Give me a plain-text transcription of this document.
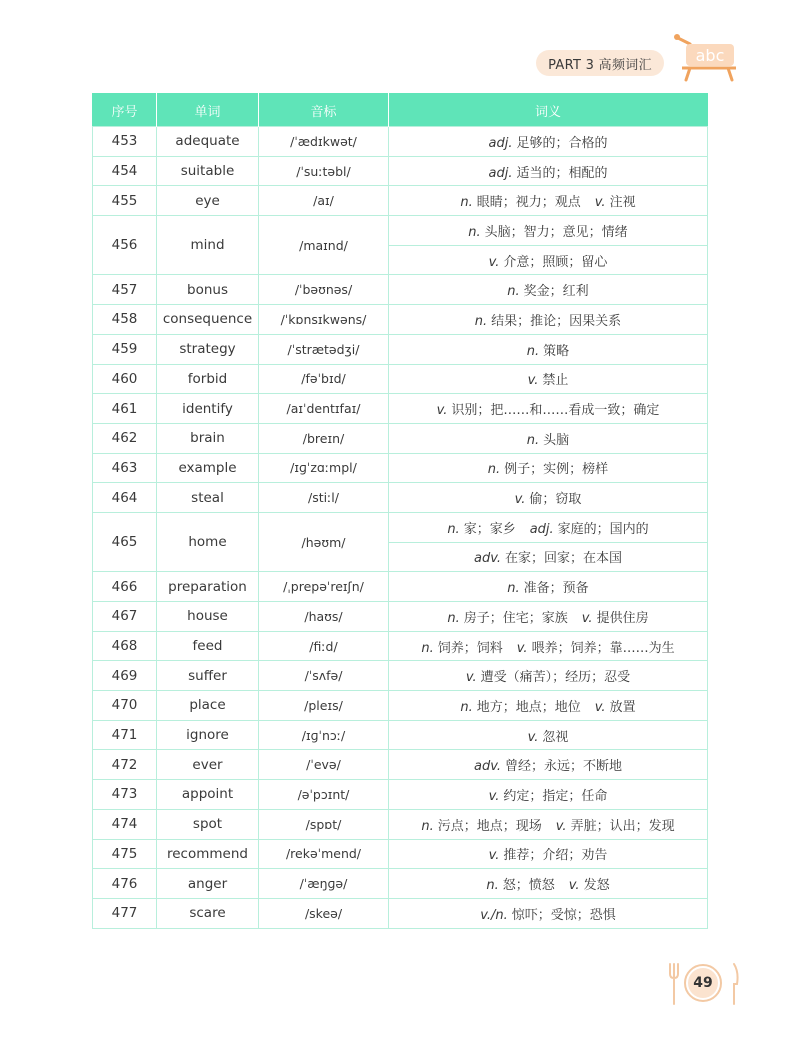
PART 3 高频词汇	abc
序号	单词	音标	词义
453	adequate	/ˈædɪkwət/	adj. 足够的；合格的
454	suitable	/ˈsuːtəbl/	adj. 适当的；相配的
455	eye	/aɪ/	n. 眼睛；视力；观点 v. 注视
456	mind	/maɪnd/	n. 头脑；智力；意见；情绪
			v. 介意；照顾；留心
457	bonus	/ˈbəʊnəs/	n. 奖金；红利
458	consequence	/ˈkɒnsɪkwəns/	n. 结果；推论；因果关系
459	strategy	/ˈstrætədʒi/	n. 策略
460	forbid	/fəˈbɪd/	v. 禁止
461	identify	/aɪˈdentɪfaɪ/	v. 识别；把……和……看成一致；确定
462	brain	/breɪn/	n. 头脑
463	example	/ɪɡˈzɑːmpl/	n. 例子；实例；榜样
464	steal	/stiːl/	v. 偷；窃取
465	home	/həʊm/	n. 家；家乡 adj. 家庭的；国内的
			adv. 在家；回家；在本国
466	preparation	/ˌprepəˈreɪʃn/	n. 准备；预备
467	house	/haʊs/	n. 房子；住宅；家族 v. 提供住房
468	feed	/fiːd/	n. 饲养；饲料 v. 喂养；饲养；靠……为生
469	suffer	/ˈsʌfə/	v. 遭受（痛苦）；经历；忍受
470	place	/pleɪs/	n. 地方；地点；地位 v. 放置
471	ignore	/ɪɡˈnɔː/	v. 忽视
472	ever	/ˈevə/	adv. 曾经；永远；不断地
473	appoint	/əˈpɔɪnt/	v. 约定；指定；任命
474	spot	/spɒt/	n. 污点；地点；现场 v. 弄脏；认出；发现
475	recommend	/rekəˈmend/	v. 推荐；介绍；劝告
476	anger	/ˈæŋɡə/	n. 怒；愤怒 v. 发怒
477	scare	/skeə/	v./n. 惊吓；受惊；恐惧
49
